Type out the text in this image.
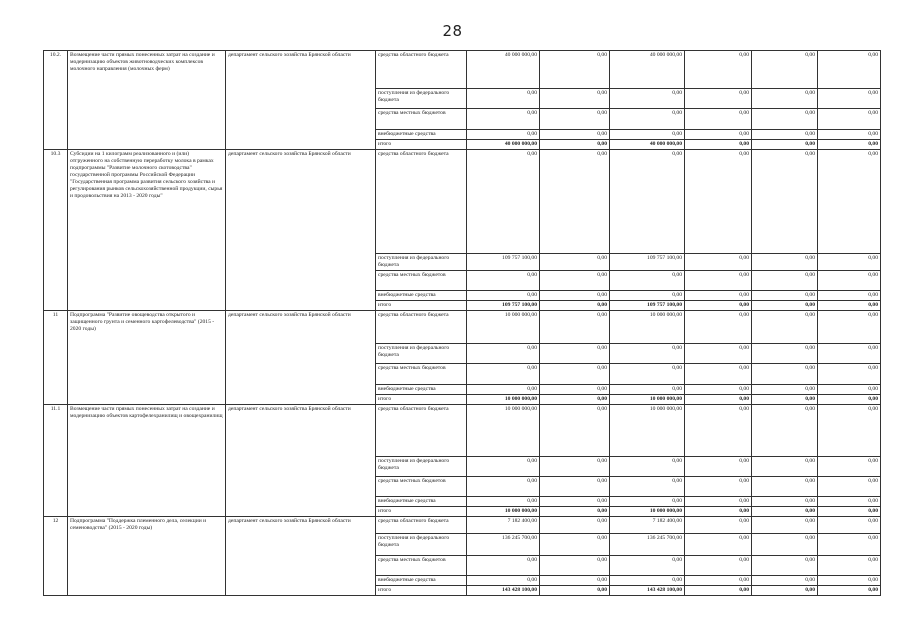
28
10.2.	Возмещение части прямых понесенных затрат на создание и модернизацию объектов животноводческих комплексов молочного направления (молочных ферм)	департамент сельского хозяйства Брянской области	средства областного бюджета	40 000 000,00	0,00	40 000 000,00	0,00	0,00	0,00
			поступления из федерального бюджета	0,00	0,00	0,00	0,00	0,00	0,00
			средства местных бюджетов	0,00	0,00	0,00	0,00	0,00	0,00
			внебюджетные средства	0,00	0,00	0,00	0,00	0,00	0,00
			итого	40 000 000,00	0,00	40 000 000,00	0,00	0,00	0,00
10.3	Субсидии на 1 килограмм реализованного и (или) отгруженного на собственную переработку молока в рамках подпрограммы "Развитие молочного скотоводства" государственной программы Российской Федерации "Государственная программа развития сельского хозяйства и регулирования рынков сельскохозяйственной продукции, сырья и продовольствия на 2013 - 2020 годы"	департамент сельского хозяйства Брянской области	средства областного бюджета	0,00	0,00	0,00	0,00	0,00	0,00
			поступления из федерального бюджета	109 757 100,00	0,00	109 757 100,00	0,00	0,00	0,00
			средства местных бюджетов	0,00	0,00	0,00	0,00	0,00	0,00
			внебюджетные средства	0,00	0,00	0,00	0,00	0,00	0,00
			итого	109 757 100,00	0,00	109 757 100,00	0,00	0,00	0,00
11	Подпрограмма "Развитие овощеводства открытого и защищенного грунта и семенного картофелеводства" (2015 - 2020 годы)	департамент сельского хозяйства Брянской области	средства областного бюджета	10 000 000,00	0,00	10 000 000,00	0,00	0,00	0,00
			поступления из федерального бюджета	0,00	0,00	0,00	0,00	0,00	0,00
			средства местных бюджетов	0,00	0,00	0,00	0,00	0,00	0,00
			внебюджетные средства	0,00	0,00	0,00	0,00	0,00	0,00
			итого	10 000 000,00	0,00	10 000 000,00	0,00	0,00	0,00
11.1	Возмещение части прямых понесенных затрат на создание и модернизацию объектов картофелехранилищ и овощехранилищ	департамент сельского хозяйства Брянской области	средства областного бюджета	10 000 000,00	0,00	10 000 000,00	0,00	0,00	0,00
			поступления из федерального бюджета	0,00	0,00	0,00	0,00	0,00	0,00
			средства местных бюджетов	0,00	0,00	0,00	0,00	0,00	0,00
			внебюджетные средства	0,00	0,00	0,00	0,00	0,00	0,00
			итого	10 000 000,00	0,00	10 000 000,00	0,00	0,00	0,00
12	Подпрограмма "Поддержка племенного дела, селекции и семеноводства" (2015 - 2020 годы)	департамент сельского хозяйства Брянской области	средства областного бюджета	7 182 400,00	0,00	7 182 400,00	0,00	0,00	0,00
			поступления из федерального бюджета	136 245 700,00	0,00	136 245 700,00	0,00	0,00	0,00
			средства местных бюджетов	0,00	0,00	0,00	0,00	0,00	0,00
			внебюджетные средства	0,00	0,00	0,00	0,00	0,00	0,00
			итого	143 428 100,00	0,00	143 428 100,00	0,00	0,00	0,00
